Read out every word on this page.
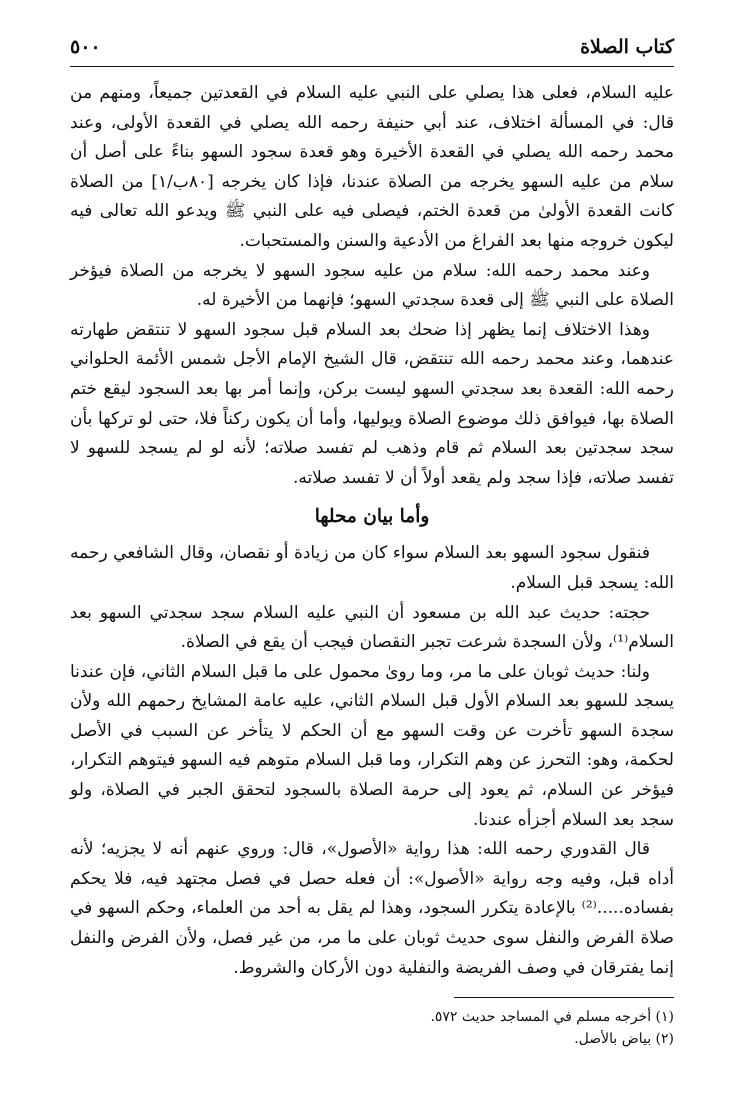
كتاب الصلاة
٥٠٠

عليه السلام، فعلى هذا يصلي على النبي عليه السلام في القعدتين جميعاً، ومنهم من قال: في المسألة اختلاف، عند أبي حنيفة رحمه الله يصلي في القعدة الأولى، وعند محمد رحمه الله يصلي في القعدة الأخيرة وهو قعدة سجود السهو بناءً على أصل أن سلام من عليه السهو يخرجه من الصلاة عندنا، فإذا كان يخرجه [٨٠ب/١] من الصلاة كانت القعدة الأولىٰ من قعدة الختم، فيصلى فيه على النبي ﷺ ويدعو الله تعالى فيه ليكون خروجه منها بعد الفراغ من الأدعية والسنن والمستحبات.

وعند محمد رحمه الله: سلام من عليه سجود السهو لا يخرجه من الصلاة فيؤخر الصلاة على النبي ﷺ إلى قعدة سجدتي السهو؛ فإنهما من الأخيرة له.

وهذا الاختلاف إنما يظهر إذا ضحك بعد السلام قبل سجود السهو لا تنتقض طهارته عندهما، وعند محمد رحمه الله تنتقض، قال الشيخ الإمام الأجل شمس الأئمة الحلواني رحمه الله: القعدة بعد سجدتي السهو ليست بركن، وإنما أمر بها بعد السجود ليقع ختم الصلاة بها، فيوافق ذلك موضوع الصلاة ويوليها، وأما أن يكون ركناً فلا، حتى لو تركها بأن سجد سجدتين بعد السلام ثم قام وذهب لم تفسد صلاته؛ لأنه لو لم يسجد للسهو لا تفسد صلاته، فإذا سجد ولم يقعد أولاً أن لا تفسد صلاته.

وأما بيان محلها

فنقول سجود السهو بعد السلام سواء كان من زيادة أو نقصان، وقال الشافعي رحمه الله: يسجد قبل السلام.

حجته: حديث عبد الله بن مسعود أن النبي عليه السلام سجد سجدتي السهو بعد السلام⁽¹⁾، ولأن السجدة شرعت تجبر النقصان فيجب أن يقع في الصلاة.

ولنا: حديث ثوبان على ما مر، وما روىٰ محمول على ما قبل السلام الثاني، فإن عندنا يسجد للسهو بعد السلام الأول قبل السلام الثاني، عليه عامة المشايخ رحمهم الله ولأن سجدة السهو تأخرت عن وقت السهو مع أن الحكم لا يتأخر عن السبب في الأصل لحكمة، وهو: التحرز عن وهم التكرار، وما قبل السلام متوهم فيه السهو فيتوهم التكرار، فيؤخر عن السلام، ثم يعود إلى حرمة الصلاة بالسجود لتحقق الجبر في الصلاة، ولو سجد بعد السلام أجزأه عندنا.

قال القدوري رحمه الله: هذا رواية «الأصول»، قال: وروي عنهم أنه لا يجزيه؛ لأنه أداه قبل، وفيه وجه رواية «الأصول»: أن فعله حصل في فصل مجتهد فيه، فلا يحكم بفساده.....⁽²⁾ بالإعادة يتكرر السجود، وهذا لم يقل به أحد من العلماء، وحكم السهو في صلاة الفرض والنفل سوى حديث ثوبان على ما مر، من غير فصل، ولأن الفرض والنفل إنما يفترقان في وصف الفريضة والنفلية دون الأركان والشروط.

(١) أخرجه مسلم في المساجد حديث ٥٧٢.
(٢) بياض بالأصل.
